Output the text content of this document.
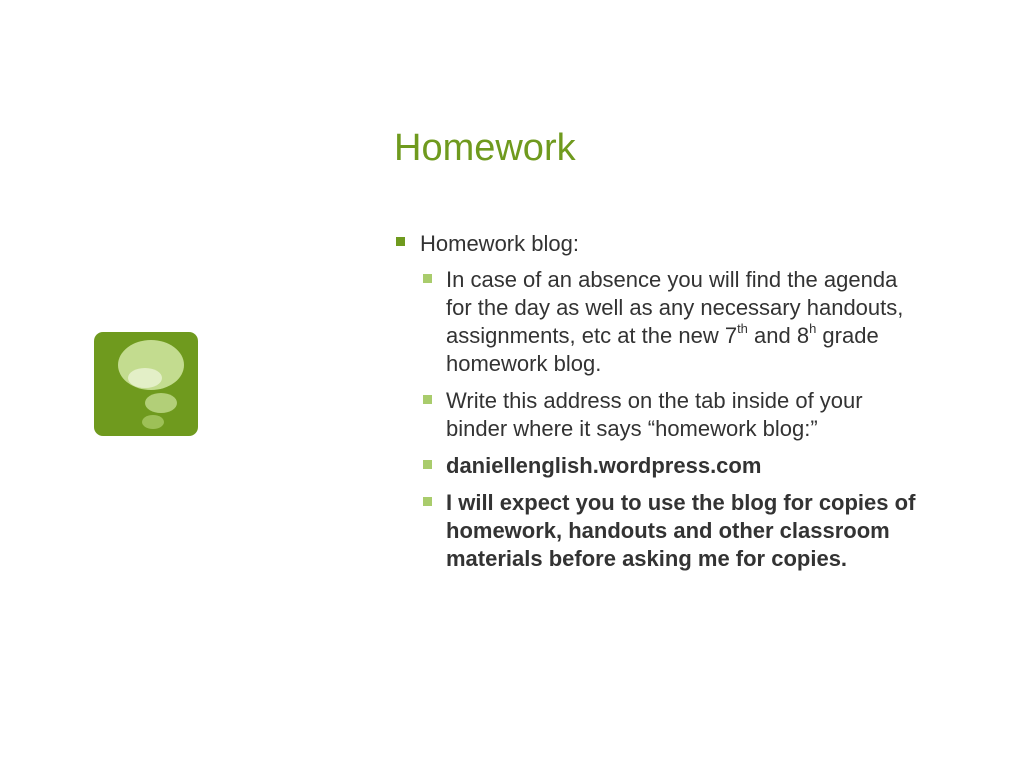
Homework
Homework blog:
In case of an absence you will find the agenda for the day as well as any necessary handouts, assignments, etc at the new 7th and 8$^h$ grade homework blog.
Write this address on the tab inside of your binder where it says “homework blog:”
daniellenglish.wordpress.com
I will expect you to use the blog for copies of homework, handouts and other classroom materials before asking me for copies.
